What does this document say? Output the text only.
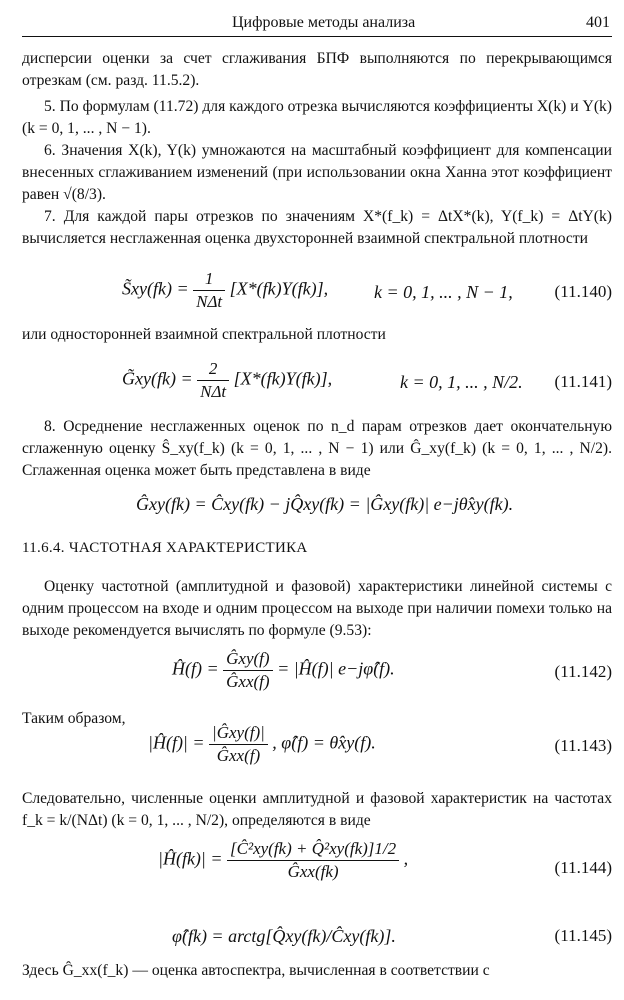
Цифровые методы анализа	401
дисперсии оценки за счет сглаживания БПФ выполняются по перекрывающимся отрезкам (см. разд. 11.5.2).
5. По формулам (11.72) для каждого отрезка вычисляются коэффициенты X(k) и Y(k) (k = 0, 1, ... , N − 1).
6. Значения X(k), Y(k) умножаются на масштабный коэффициент для компенсации внесенных сглаживанием изменений (при использовании окна Ханна этот коэффициент равен √(8/3).
7. Для каждой пары отрезков по значениям X*(f_k) = ΔtX*(k), Y(f_k) = ΔtY(k) вычисляется несглаженная оценка двухсторонней взаимной спектральной плотности
S̃xy(fk) = $\frac{1}{\text{NΔt}} [X*(fk)Y(fk)]$,	k = 0, 1, ... , N − 1, (11.140)
или односторонней взаимной спектральной плотности
G̃xy(fk) = $\frac{2}{\text{NΔt}} [X*(fk)Y(fk)]$,	k = 0, 1, ... , N/2. (11.141)
8. Осреднение несглаженных оценок по n_d парам отрезков дает окончательную сглаженную оценку Ŝ_xy(f_k) (k = 0, 1, ... , N − 1) или Ĝ_xy(f_k) (k = 0, 1, ... , N/2). Сглаженная оценка может быть представлена в виде
Ĝxy(fk) = Ĉxy(fk) − jQ̂xy(fk) = |Ĝxy(fk)| e−jθ̂xy(fk).
11.6.4. ЧАСТОТНАЯ ХАРАКТЕРИСТИКА
Оценку частотной (амплитудной и фазовой) характеристики линейной системы с одним процессом на входе и одним процессом на выходе при наличии помехи только на выходе рекомендуется вычислять по формуле (9.53):
Ĥ(f) = $\frac{\text{Ĝxy(f)}}{\text{Ĝxx(f)}}$ = |Ĥ(f)| e−jφ̂(f).	(11.142)
Таким образом,
|Ĥ(f)| = $\frac{\text{|Ĝxy(f)|}}{\text{Ĝxx(f)}}$ , φ̂(f) = θ̂xy(f).	(11.143)
Следовательно, численные оценки амплитудной и фазовой характеристик на частотах f_k = k/(NΔt) (k = 0, 1, ... , N/2), определяются в виде
|Ĥ(fk)| = $\frac{\text{[Ĉ²xy(fk) + Q̂²xy(fk)]1/2}}{\text{Ĝxx(fk)}}$ ,	(11.144)
φ̂(fk) = arctg[Q̂xy(fk)/Ĉxy(fk)].	(11.145)
Здесь Ĝ_xx(f_k) — оценка автоспектра, вычисленная в соответствии с
